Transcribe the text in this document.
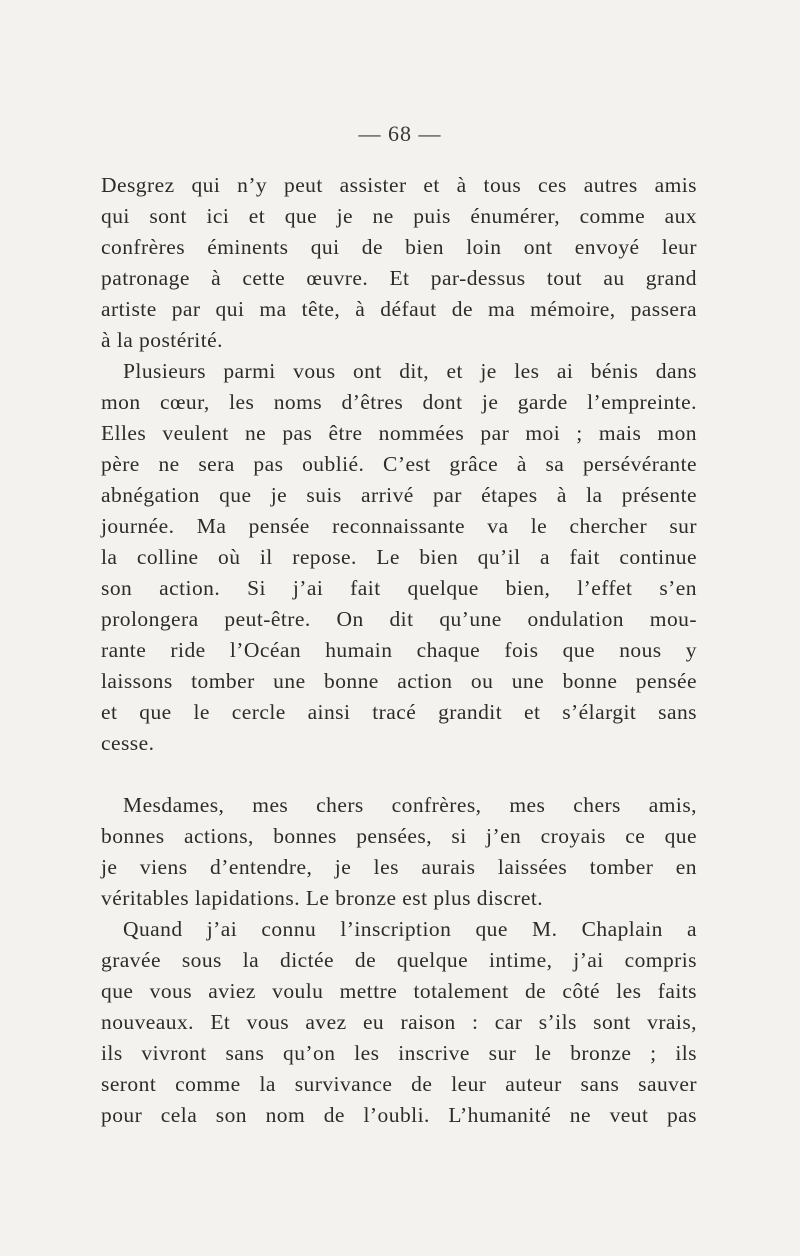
— 68 —
Desgrez qui n’y peut assister et à tous ces autres amis
qui sont ici et que je ne puis énumérer, comme aux
confrères éminents qui de bien loin ont envoyé leur
patronage à cette œuvre. Et par-dessus tout au grand
artiste par qui ma tête, à défaut de ma mémoire, passera
à la postérité.
Plusieurs parmi vous ont dit, et je les ai bénis dans
mon cœur, les noms d’êtres dont je garde l’empreinte.
Elles veulent ne pas être nommées par moi ; mais mon
père ne sera pas oublié. C’est grâce à sa persévérante
abnégation que je suis arrivé par étapes à la présente
journée. Ma pensée reconnaissante va le chercher sur
la colline où il repose. Le bien qu’il a fait continue
son action. Si j’ai fait quelque bien, l’effet s’en
prolongera peut-être. On dit qu’une ondulation mou-
rante ride l’Océan humain chaque fois que nous y
laissons tomber une bonne action ou une bonne pensée
et que le cercle ainsi tracé grandit et s’élargit sans
cesse.
Mesdames, mes chers confrères, mes chers amis,
bonnes actions, bonnes pensées, si j’en croyais ce que
je viens d’entendre, je les aurais laissées tomber en
véritables lapidations. Le bronze est plus discret.
Quand j’ai connu l’inscription que M. Chaplain a
gravée sous la dictée de quelque intime, j’ai compris
que vous aviez voulu mettre totalement de côté les faits
nouveaux. Et vous avez eu raison : car s’ils sont vrais,
ils vivront sans qu’on les inscrive sur le bronze ; ils
seront comme la survivance de leur auteur sans sauver
pour cela son nom de l’oubli. L’humanité ne veut pas
